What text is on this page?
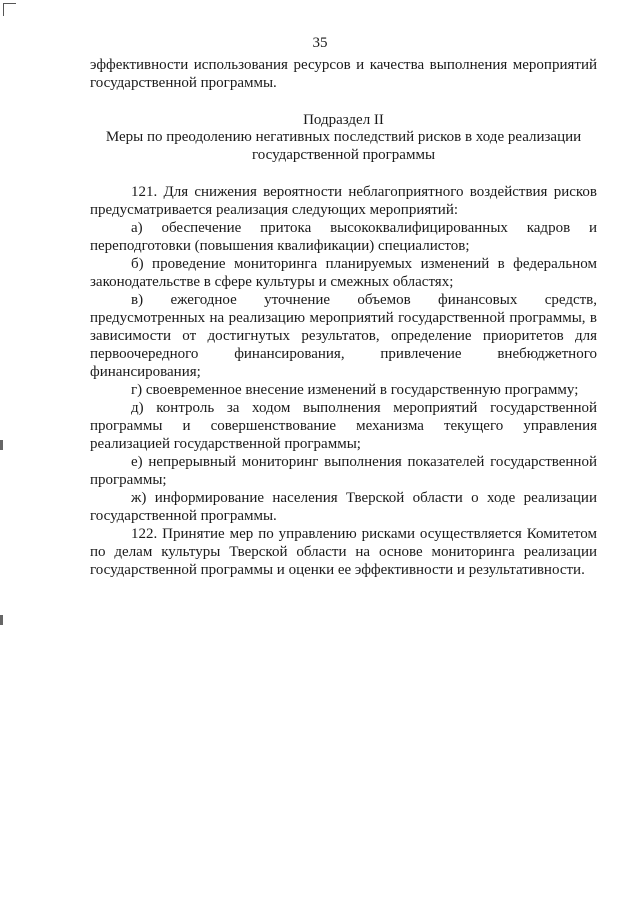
35

эффективности использования ресурсов и качества выполнения мероприятий государственной программы.

Подраздел II

Меры по преодолению негативных последствий рисков в ходе реализации государственной программы

121. Для снижения вероятности неблагоприятного воздействия рисков предусматривается реализация следующих мероприятий:

а) обеспечение притока высококвалифицированных кадров и переподготовки (повышения квалификации) специалистов;

б) проведение мониторинга планируемых изменений в федеральном законодательстве в сфере культуры и смежных областях;

в) ежегодное уточнение объемов финансовых средств, предусмотренных на реализацию мероприятий государственной программы, в зависимости от достигнутых результатов, определение приоритетов для первоочередного финансирования, привлечение внебюджетного финансирования;

г) своевременное внесение изменений в государственную программу;

д) контроль за ходом выполнения мероприятий государственной программы и совершенствование механизма текущего управления реализацией государственной программы;

е) непрерывный мониторинг выполнения показателей государственной программы;

ж) информирование населения Тверской области о ходе реализации государственной программы.

122. Принятие мер по управлению рисками осуществляется Комитетом по делам культуры Тверской области на основе мониторинга реализации государственной программы и оценки ее эффективности и результативности.
